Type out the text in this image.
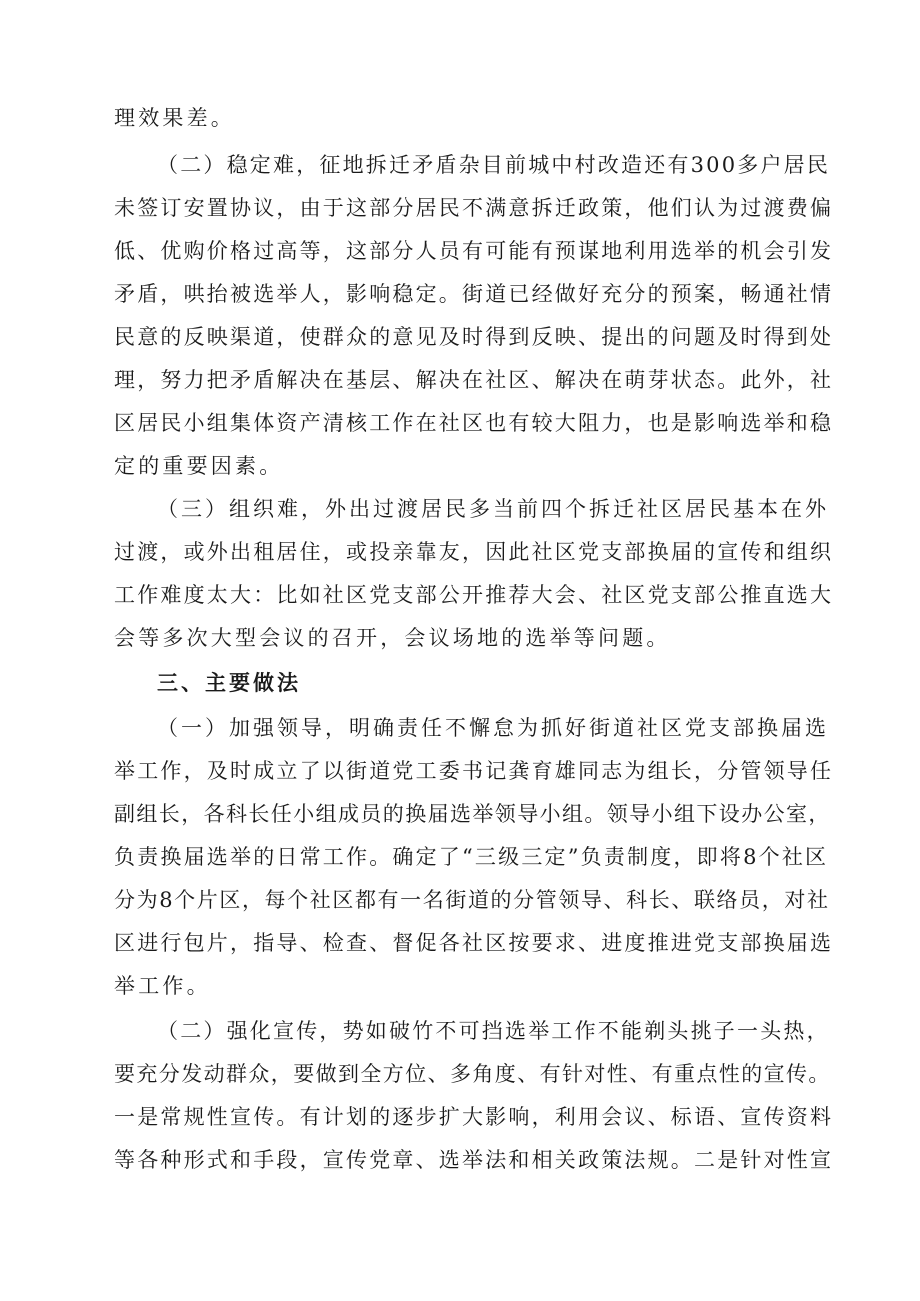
理效果差。
（二）稳定难，征地拆迁矛盾杂目前城中村改造还有300多户居民
未签订安置协议，由于这部分居民不满意拆迁政策，他们认为过渡费偏
低、优购价格过高等，这部分人员有可能有预谋地利用选举的机会引发
矛盾，哄抬被选举人，影响稳定。街道已经做好充分的预案，畅通社情
民意的反映渠道，使群众的意见及时得到反映、提出的问题及时得到处
理，努力把矛盾解决在基层、解决在社区、解决在萌芽状态。此外，社
区居民小组集体资产清核工作在社区也有较大阻力，也是影响选举和稳
定的重要因素。
（三）组织难，外出过渡居民多当前四个拆迁社区居民基本在外
过渡，或外出租居住，或投亲靠友，因此社区党支部换届的宣传和组织
工作难度太大：比如社区党支部公开推荐大会、社区党支部公推直选大
会等多次大型会议的召开，会议场地的选举等问题。
三、主要做法
（一）加强领导，明确责任不懈怠为抓好街道社区党支部换届选
举工作，及时成立了以街道党工委书记龚育雄同志为组长，分管领导任
副组长，各科长任小组成员的换届选举领导小组。领导小组下设办公室，
负责换届选举的日常工作。确定了“三级三定”负责制度，即将8个社区
分为8个片区，每个社区都有一名街道的分管领导、科长、联络员，对社
区进行包片，指导、检查、督促各社区按要求、进度推进党支部换届选
举工作。
（二）强化宣传，势如破竹不可挡选举工作不能剃头挑子一头热，
要充分发动群众，要做到全方位、多角度、有针对性、有重点性的宣传。
一是常规性宣传。有计划的逐步扩大影响，利用会议、标语、宣传资料
等各种形式和手段，宣传党章、选举法和相关政策法规。二是针对性宣
